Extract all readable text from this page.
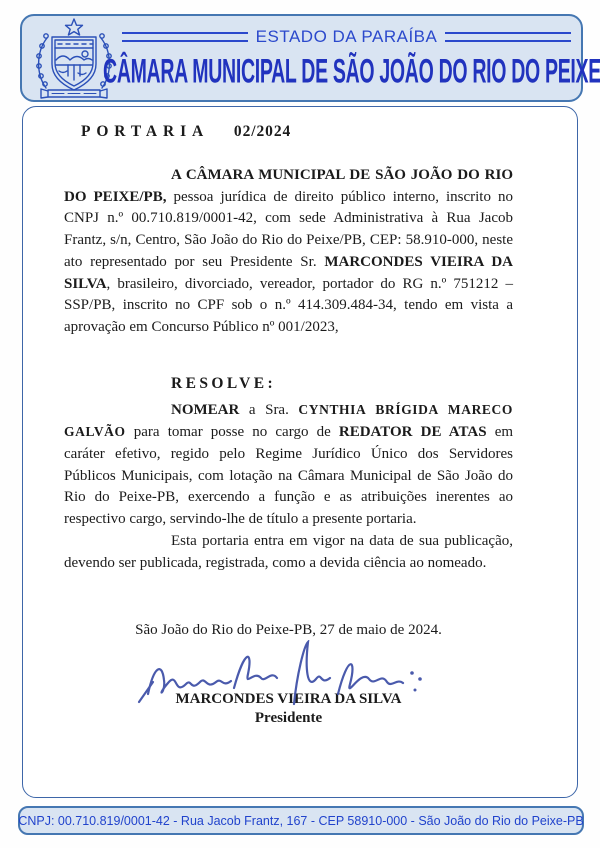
ESTADO DA PARAÍBA
CÂMARA MUNICIPAL DE SÃO JOÃO DO RIO DO PEIXE
PORTARIA 02/2024

A CÂMARA MUNICIPAL DE SÃO JOÃO DO RIO DO PEIXE/PB, pessoa jurídica de direito público interno, inscrito no CNPJ n.º 00.710.819/0001-42, com sede Administrativa à Rua Jacob Frantz, s/n, Centro, São João do Rio do Peixe/PB, CEP: 58.910-000, neste ato representado por seu Presidente Sr. MARCONDES VIEIRA DA SILVA, brasileiro, divorciado, vereador, portador do RG n.º 751212 – SSP/PB, inscrito no CPF sob o n.º 414.309.484-34, tendo em vista a aprovação em Concurso Público nº 001/2023,

RESOLVE:

NOMEAR a Sra. CYNTHIA BRÍGIDA MARECO GALVÃO para tomar posse no cargo de REDATOR DE ATAS em caráter efetivo, regido pelo Regime Jurídico Único dos Servidores Públicos Municipais, com lotação na Câmara Municipal de São João do Rio do Peixe-PB, exercendo a função e as atribuições inerentes ao respectivo cargo, servindo-lhe de título a presente portaria.

Esta portaria entra em vigor na data de sua publicação, devendo ser publicada, registrada, como a devida ciência ao nomeado.

São João do Rio do Peixe-PB, 27 de maio de 2024.

MARCONDES VIEIRA DA SILVA
Presidente
CNPJ: 00.710.819/0001-42 - Rua Jacob Frantz, 167 - CEP 58910-000 - São João do Rio do Peixe-PB
